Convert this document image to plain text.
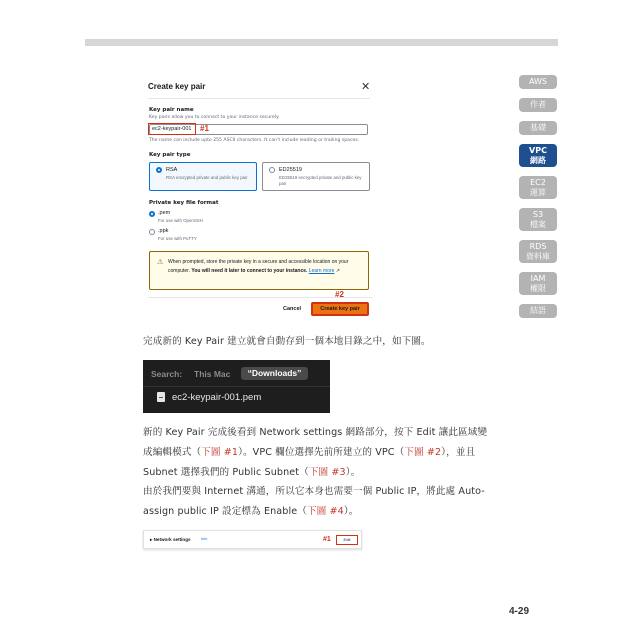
AWS
作者
基礎
VPC
網路
EC2
運算
S3
檔案
RDS
資料庫
IAM
權限
結語
Create key pair	✕
Key pair name
Key pairs allow you to connect to your instance securely.
ec2-keypair-001	#1
The name can include upto 255 ASCII characters. It can't include leading or trailing spaces.
Key pair type
RSA
RSA encrypted private and public key pair
ED25519
ED25519 encrypted private and public key pair
Private key file format
.pem
For use with OpenSSH
.ppk
For use with PuTTY
⚠ When prompted, store the private key in a secure and accessible location on your computer. You will need it later to connect to your instance. Learn more ↗
#2
Cancel	Create key pair
完成新的 Key Pair 建立就會自動存到一個本地目錄之中，如下圖。
Search: This Mac	“Downloads”
ec2-keypair-001.pem
新的 Key Pair 完成後看到 Network settings 網路部分，按下 Edit 讓此區域變
成編輯模式（下圖 #1）。VPC 欄位選擇先前所建立的 VPC（下圖 #2），並且
Subnet 選擇我們的 Public Subnet（下圖 #3）。
由於我們要與 Internet 溝通，所以它本身也需要一個 Public IP，將此處 Auto-
assign public IP 設定標為 Enable（下圖 #4）。
▸ Network settings	Info	#1	Edit
4-29
